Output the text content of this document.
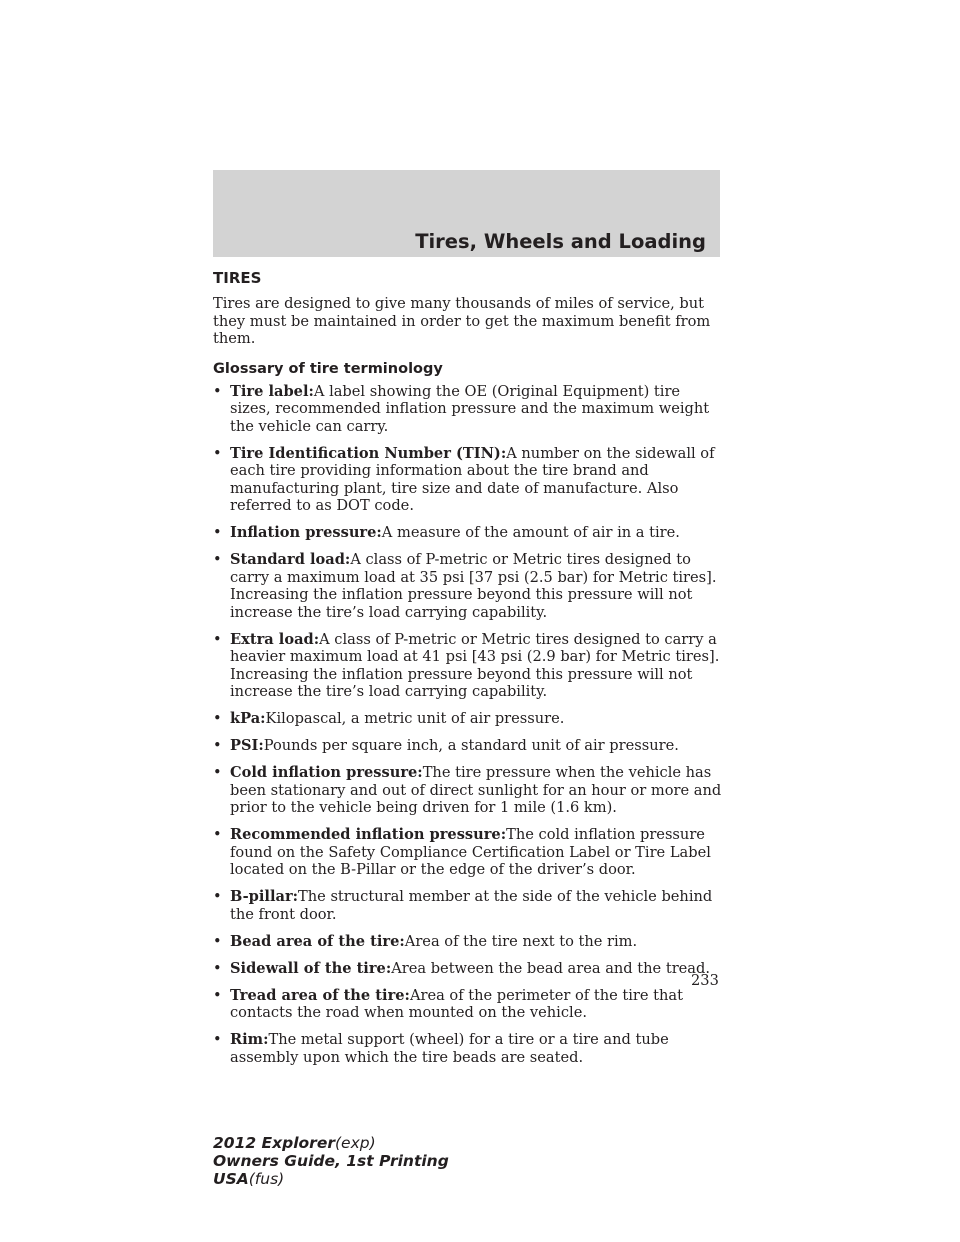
Tires, Wheels and Loading
TIRES

Tires are designed to give many thousands of miles of service, but they must be maintained in order to get the maximum benefit from them.

Glossary of tire terminology
• Tire label:A label showing the OE (Original Equipment) tire sizes, recommended inflation pressure and the maximum weight the vehicle can carry.
• Tire Identification Number (TIN):A number on the sidewall of each tire providing information about the tire brand and manufacturing plant, tire size and date of manufacture. Also referred to as DOT code.
• Inflation pressure:A measure of the amount of air in a tire.
• Standard load:A class of P-metric or Metric tires designed to carry a maximum load at 35 psi [37 psi (2.5 bar) for Metric tires]. Increasing the inflation pressure beyond this pressure will not increase the tire’s load carrying capability.
• Extra load:A class of P-metric or Metric tires designed to carry a heavier maximum load at 41 psi [43 psi (2.9 bar) for Metric tires]. Increasing the inflation pressure beyond this pressure will not increase the tire’s load carrying capability.
• kPa:Kilopascal, a metric unit of air pressure.
• PSI:Pounds per square inch, a standard unit of air pressure.
• Cold inflation pressure:The tire pressure when the vehicle has been stationary and out of direct sunlight for an hour or more and prior to the vehicle being driven for 1 mile (1.6 km).
• Recommended inflation pressure:The cold inflation pressure found on the Safety Compliance Certification Label or Tire Label located on the B-Pillar or the edge of the driver’s door.
• B-pillar:The structural member at the side of the vehicle behind the front door.
• Bead area of the tire:Area of the tire next to the rim.
• Sidewall of the tire:Area between the bead area and the tread.
• Tread area of the tire:Area of the perimeter of the tire that contacts the road when mounted on the vehicle.
• Rim:The metal support (wheel) for a tire or a tire and tube assembly upon which the tire beads are seated.
233
2012 Explorer(exp)
Owners Guide, 1st Printing
USA(fus)
